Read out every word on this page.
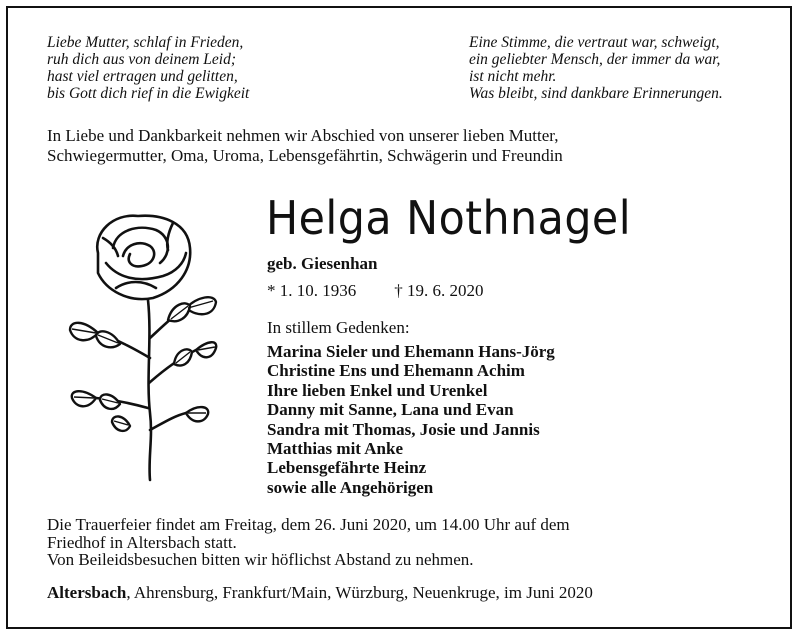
Liebe Mutter, schlaf in Frieden,
ruh dich aus von deinem Leid;
hast viel ertragen und gelitten,
bis Gott dich rief in die Ewigkeit
Eine Stimme, die vertraut war, schweigt,
ein geliebter Mensch, der immer da war,
ist nicht mehr.
Was bleibt, sind dankbare Erinnerungen.
In Liebe und Dankbarkeit nehmen wir Abschied von unserer lieben Mutter,
Schwiegermutter, Oma, Uroma, Lebensgefährtin, Schwägerin und Freundin
Helga Nothnagel
geb. Giesenhan
* 1. 10. 1936 † 19. 6. 2020
In stillem Gedenken:
Marina Sieler und Ehemann Hans-Jörg
Christine Ens und Ehemann Achim
Ihre lieben Enkel und Urenkel
Danny mit Sanne, Lana und Evan
Sandra mit Thomas, Josie und Jannis
Matthias mit Anke
Lebensgefährte Heinz
sowie alle Angehörigen
Die Trauerfeier findet am Freitag, dem 26. Juni 2020, um 14.00 Uhr auf dem
Friedhof in Altersbach statt.
Von Beileidsbesuchen bitten wir höflichst Abstand zu nehmen.
Altersbach, Ahrensburg, Frankfurt/Main, Würzburg, Neuenkruge, im Juni 2020
